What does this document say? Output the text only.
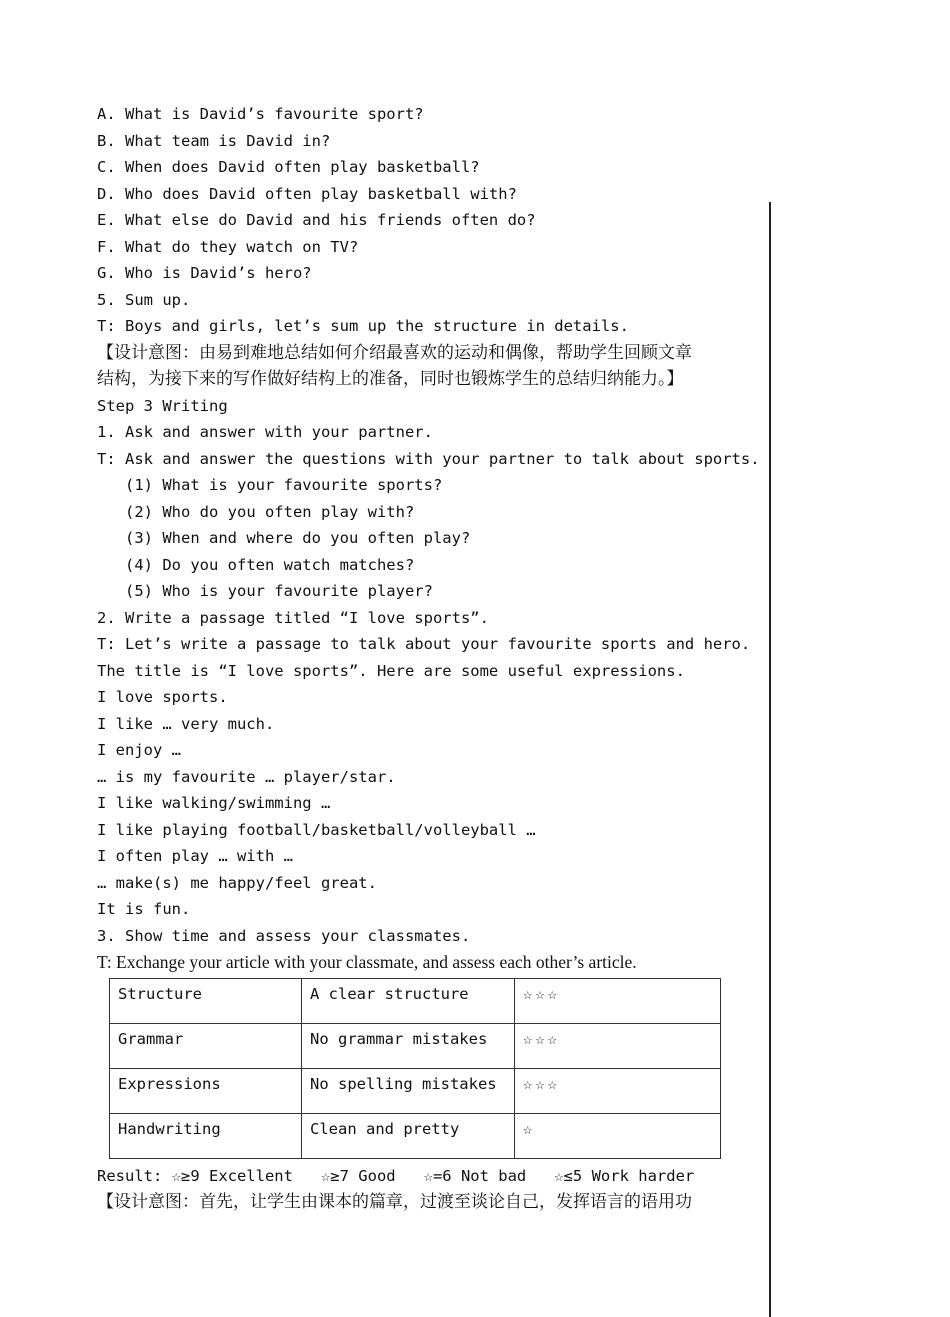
A. What is David’s favourite sport?
B. What team is David in?
C. When does David often play basketball?
D. Who does David often play basketball with?
E. What else do David and his friends often do?
F. What do they watch on TV?
G. Who is David’s hero?
5. Sum up.
T: Boys and girls, let’s sum up the structure in details.
【设计意图：由易到难地总结如何介绍最喜欢的运动和偶像，帮助学生回顾文章
结构，为接下来的写作做好结构上的准备，同时也锻炼学生的总结归纳能力。】
Step 3 Writing
1. Ask and answer with your partner.
T: Ask and answer the questions with your partner to talk about sports.
(1) What is your favourite sports?
(2) Who do you often play with?
(3) When and where do you often play?
(4) Do you often watch matches?
(5) Who is your favourite player?
2. Write a passage titled “I love sports”.
T: Let’s write a passage to talk about your favourite sports and hero.
The title is “I love sports”. Here are some useful expressions.
I love sports.
I like … very much.
I enjoy …
… is my favourite … player/star.
I like walking/swimming …
I like playing football/basketball/volleyball …
I often play … with …
… make(s) me happy/feel great.
It is fun.
3. Show time and assess your classmates.
T: Exchange your article with your classmate, and assess each other’s article.
Structure	A clear structure	☆☆☆
Grammar	No grammar mistakes	☆☆☆
Expressions	No spelling mistakes	☆☆☆
Handwriting	Clean and pretty	☆
Result: ☆≥9 Excellent   ☆≥7 Good   ☆=6 Not bad   ☆≤5 Work harder
【设计意图：首先，让学生由课本的篇章，过渡至谈论自己，发挥语言的语用功
